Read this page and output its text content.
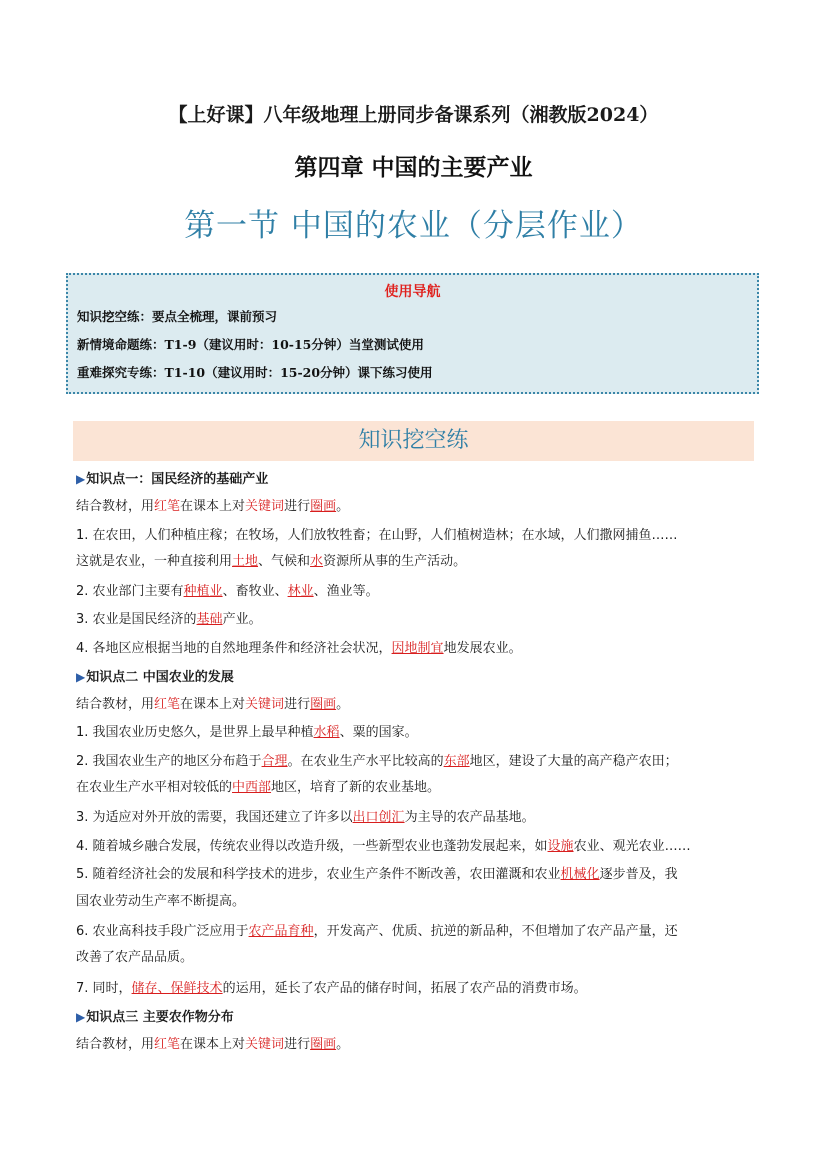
【上好课】八年级地理上册同步备课系列（湘教版2024）
第四章 中国的主要产业
第一节 中国的农业（分层作业）
使用导航
知识挖空练：要点全梳理，课前预习
新情境命题练：T1-9（建议用时：10-15分钟）当堂测试使用
重难探究专练：T1-10（建议用时：15-20分钟）课下练习使用
知识挖空练
▶知识点一：国民经济的基础产业
结合教材，用红笔在课本上对关键词进行圈画。
1. 在农田，人们种植庄稼；在牧场，人们放牧牲畜；在山野，人们植树造林；在水域，人们撒网捕鱼……
这就是农业，一种直接利用土地、气候和水资源所从事的生产活动。
2. 农业部门主要有种植业、畜牧业、林业、渔业等。
3. 农业是国民经济的基础产业。
4. 各地区应根据当地的自然地理条件和经济社会状况，因地制宜地发展农业。
▶知识点二 中国农业的发展
结合教材，用红笔在课本上对关键词进行圈画。
1. 我国农业历史悠久，是世界上最早种植水稻、粟的国家。
2. 我国农业生产的地区分布趋于合理。在农业生产水平比较高的东部地区，建设了大量的高产稳产农田；
在农业生产水平相对较低的中西部地区，培育了新的农业基地。
3. 为适应对外开放的需要，我国还建立了许多以出口创汇为主导的农产品基地。
4. 随着城乡融合发展，传统农业得以改造升级，一些新型农业也蓬勃发展起来，如设施农业、观光农业……
5. 随着经济社会的发展和科学技术的进步，农业生产条件不断改善，农田灌溉和农业机械化逐步普及，我
国农业劳动生产率不断提高。
6. 农业高科技手段广泛应用于农产品育种，开发高产、优质、抗逆的新品种，不但增加了农产品产量，还
改善了农产品品质。
7. 同时，储存、保鲜技术的运用，延长了农产品的储存时间，拓展了农产品的消费市场。
▶知识点三 主要农作物分布
结合教材，用红笔在课本上对关键词进行圈画。
